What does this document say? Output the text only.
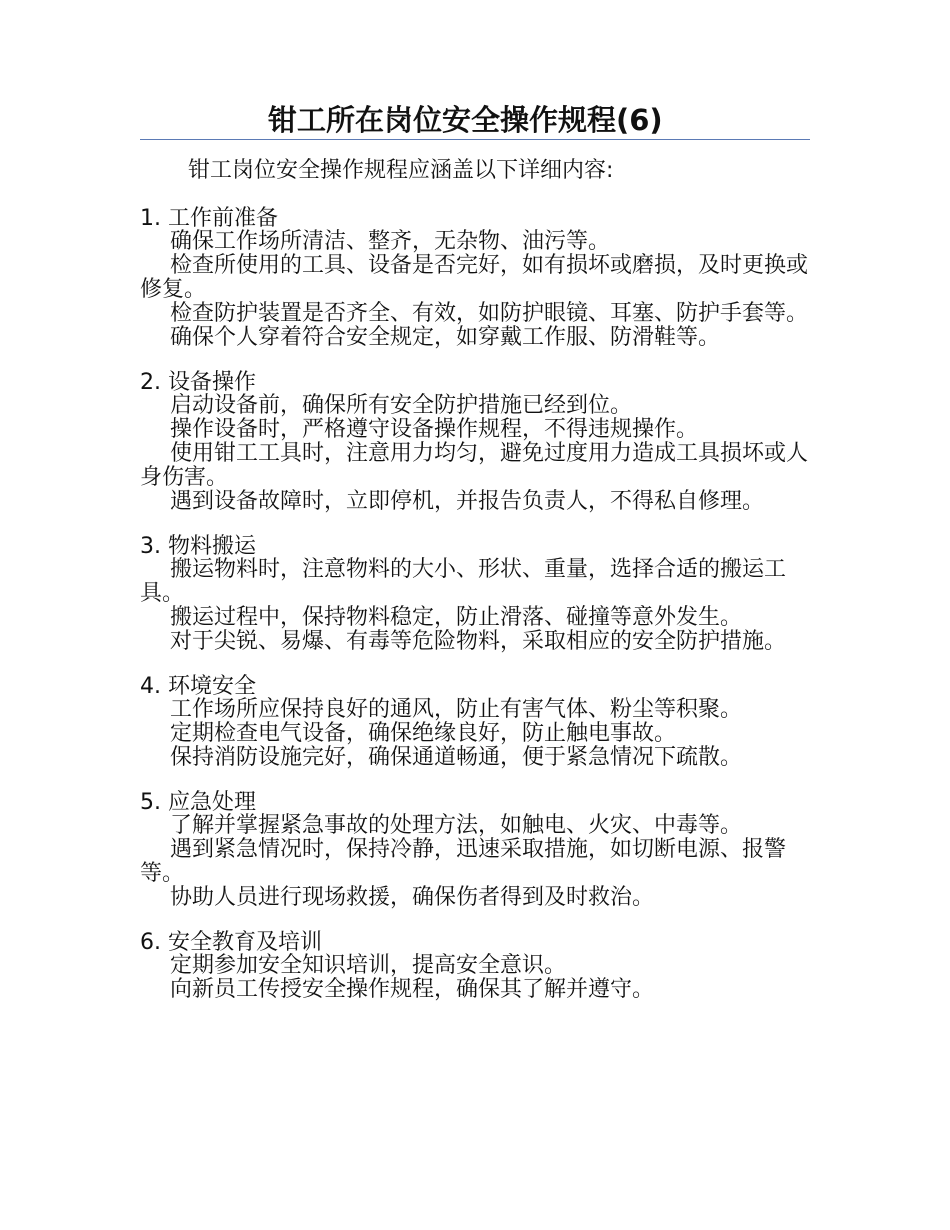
钳工所在岗位安全操作规程(6)

钳工岗位安全操作规程应涵盖以下详细内容:

1. 工作前准备
确保工作场所清洁、整齐，无杂物、油污等。
检查所使用的工具、设备是否完好，如有损坏或磨损，及时更换或修复。
检查防护装置是否齐全、有效，如防护眼镜、耳塞、防护手套等。
确保个人穿着符合安全规定，如穿戴工作服、防滑鞋等。
2. 设备操作
启动设备前，确保所有安全防护措施已经到位。
操作设备时，严格遵守设备操作规程，不得违规操作。
使用钳工工具时，注意用力均匀，避免过度用力造成工具损坏或人身伤害。
遇到设备故障时，立即停机，并报告负责人，不得私自修理。
3. 物料搬运
搬运物料时，注意物料的大小、形状、重量，选择合适的搬运工具。
搬运过程中，保持物料稳定，防止滑落、碰撞等意外发生。
对于尖锐、易爆、有毒等危险物料，采取相应的安全防护措施。
4. 环境安全
工作场所应保持良好的通风，防止有害气体、粉尘等积聚。
定期检查电气设备，确保绝缘良好，防止触电事故。
保持消防设施完好，确保通道畅通，便于紧急情况下疏散。
5. 应急处理
了解并掌握紧急事故的处理方法，如触电、火灾、中毒等。
遇到紧急情况时，保持冷静，迅速采取措施，如切断电源、报警等。
协助人员进行现场救援，确保伤者得到及时救治。
6. 安全教育及培训
定期参加安全知识培训，提高安全意识。
向新员工传授安全操作规程，确保其了解并遵守。
